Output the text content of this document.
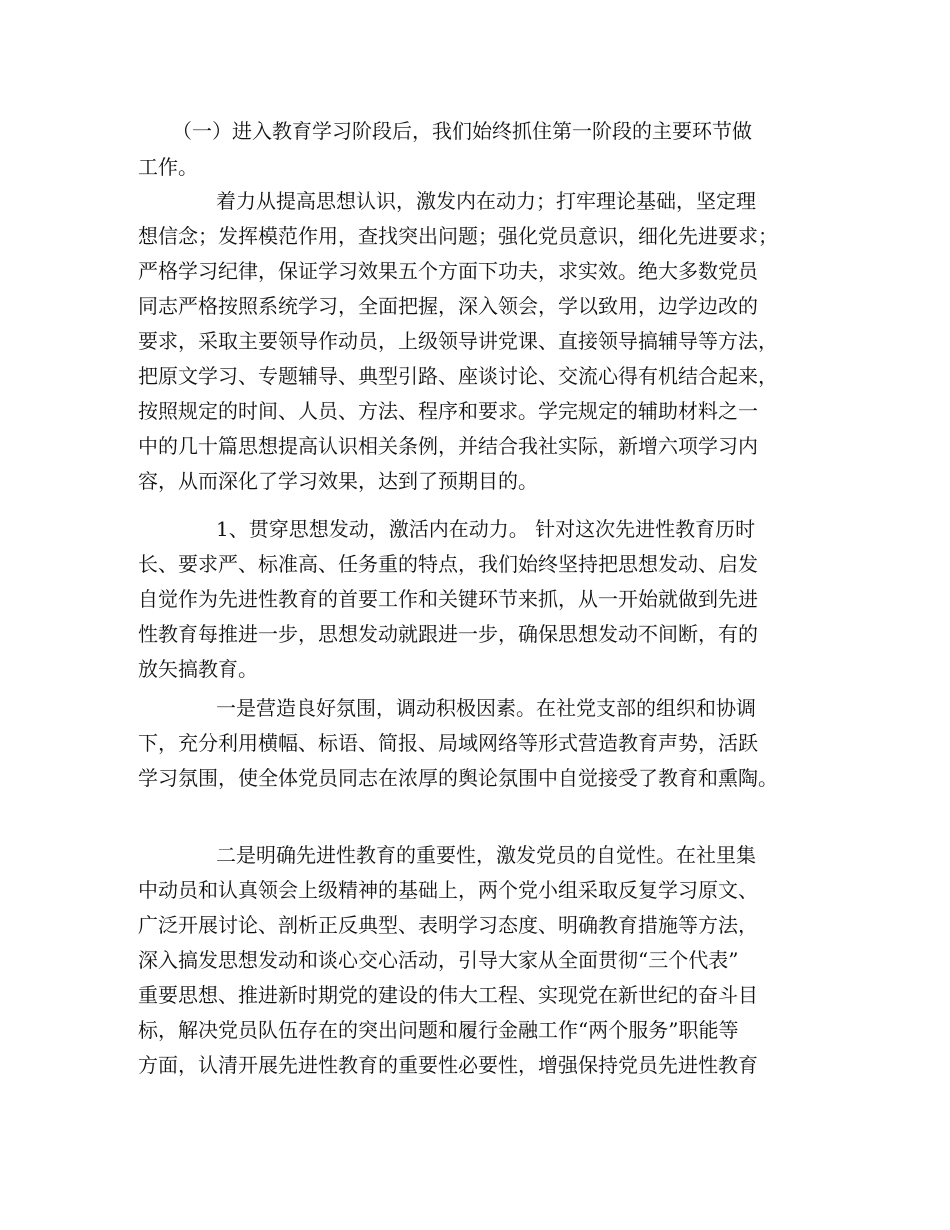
（一）进入教育学习阶段后，我们始终抓住第一阶段的主要环节做
工作。
着力从提高思想认识，激发内在动力；打牢理论基础，坚定理
想信念；发挥模范作用，查找突出问题；强化党员意识，细化先进要求；
严格学习纪律，保证学习效果五个方面下功夫，求实效。绝大多数党员
同志严格按照系统学习，全面把握，深入领会，学以致用，边学边改的
要求，采取主要领导作动员，上级领导讲党课、直接领导搞辅导等方法，
把原文学习、专题辅导、典型引路、座谈讨论、交流心得有机结合起来，
按照规定的时间、人员、方法、程序和要求。学完规定的辅助材料之一
中的几十篇思想提高认识相关条例，并结合我社实际，新增六项学习内
容，从而深化了学习效果，达到了预期目的。
1、贯穿思想发动，激活内在动力。 针对这次先进性教育历时
长、要求严、标准高、任务重的特点，我们始终坚持把思想发动、启发
自觉作为先进性教育的首要工作和关键环节来抓，从一开始就做到先进
性教育每推进一步，思想发动就跟进一步，确保思想发动不间断，有的
放矢搞教育。
一是营造良好氛围，调动积极因素。在社党支部的组织和协调
下，充分利用横幅、标语、简报、局域网络等形式营造教育声势，活跃
学习氛围，使全体党员同志在浓厚的舆论氛围中自觉接受了教育和熏陶。
二是明确先进性教育的重要性，激发党员的自觉性。在社里集
中动员和认真领会上级精神的基础上，两个党小组采取反复学习原文、
广泛开展讨论、剖析正反典型、表明学习态度、明确教育措施等方法，
深入搞发思想发动和谈心交心活动，引导大家从全面贯彻“三个代表”
重要思想、推进新时期党的建设的伟大工程、实现党在新世纪的奋斗目
标，解决党员队伍存在的突出问题和履行金融工作“两个服务”职能等
方面，认清开展先进性教育的重要性必要性，增强保持党员先进性教育
